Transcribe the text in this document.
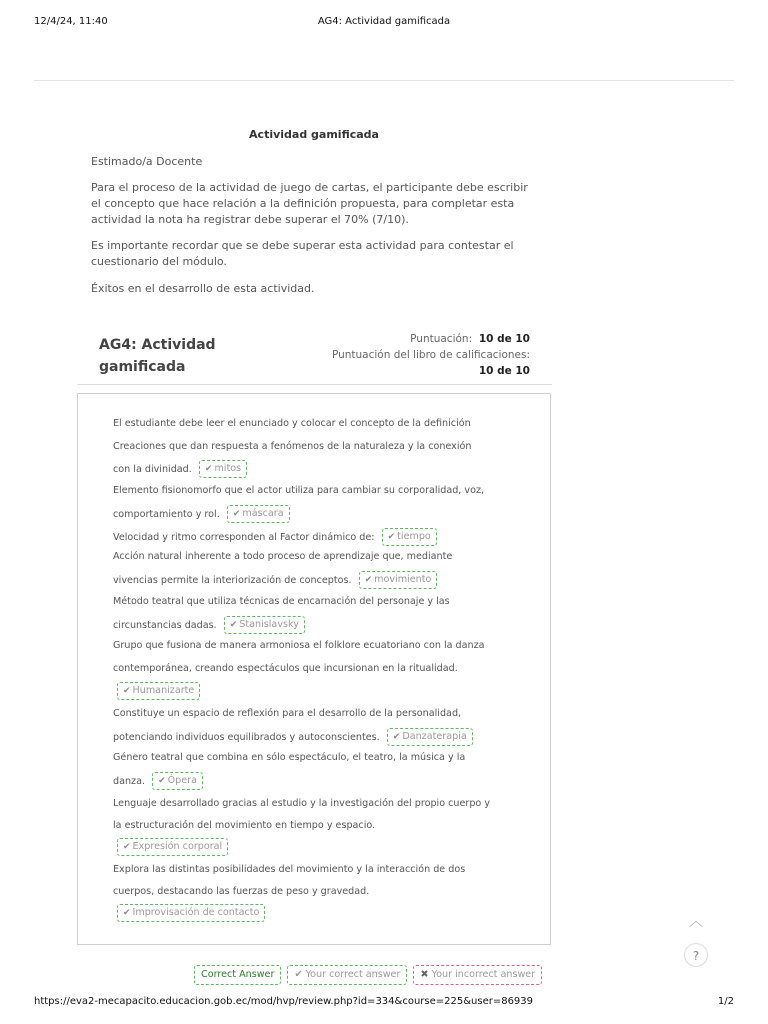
12/4/24, 11:40	AG4: Actividad gamificada
Actividad gamificada
Estimado/a Docente
Para el proceso de la actividad de juego de cartas, el participante debe escribir el concepto que hace relación a la definición propuesta, para completar esta actividad la nota ha registrar debe superar el 70% (7/10).
Es importante recordar que se debe superar esta actividad para contestar el cuestionario del módulo.
Éxitos en el desarrollo de esta actividad.
AG4: Actividad
gamificada
Puntuación: 10 de 10
Puntuación del libro de calificaciones:
10 de 10
El estudiante debe leer el enunciado y colocar el concepto de la definición
Creaciones que dan respuesta a fenómenos de la naturaleza y la conexión
con la divinidad. ✔ mitos
Elemento fisionomorfo que el actor utiliza para cambiar su corporalidad, voz,
comportamiento y rol. ✔ máscara
Velocidad y ritmo corresponden al Factor dinámico de: ✔ tiempo
Acción natural inherente a todo proceso de aprendizaje que, mediante
vivencias permite la interiorización de conceptos. ✔ movimiento
Método teatral que utiliza técnicas de encarnación del personaje y las
circunstancias dadas. ✔ Stanislavsky
Grupo que fusiona de manera armoniosa el folklore ecuatoriano con la danza
contemporánea, creando espectáculos que incursionan en la ritualidad.
✔ Humanizarte
Constituye un espacio de reflexión para el desarrollo de la personalidad,
potenciando individuos equilibrados y autoconscientes. ✔ Danzaterapia
Género teatral que combina en sólo espectáculo, el teatro, la música y la
danza. ✔ Ópera
Lenguaje desarrollado gracias al estudio y la investigación del propio cuerpo y
la estructuración del movimiento en tiempo y espacio.
✔ Expresión corporal
Explora las distintas posibilidades del movimiento y la interacción de dos
cuerpos, destacando las fuerzas de peso y gravedad.
✔ Improvisación de contacto
Correct Answer ✔ Your correct answer ✖ Your incorrect answer
︿
?
https://eva2-mecapacito.educacion.gob.ec/mod/hvp/review.php?id=334&course=225&user=86939	1/2
